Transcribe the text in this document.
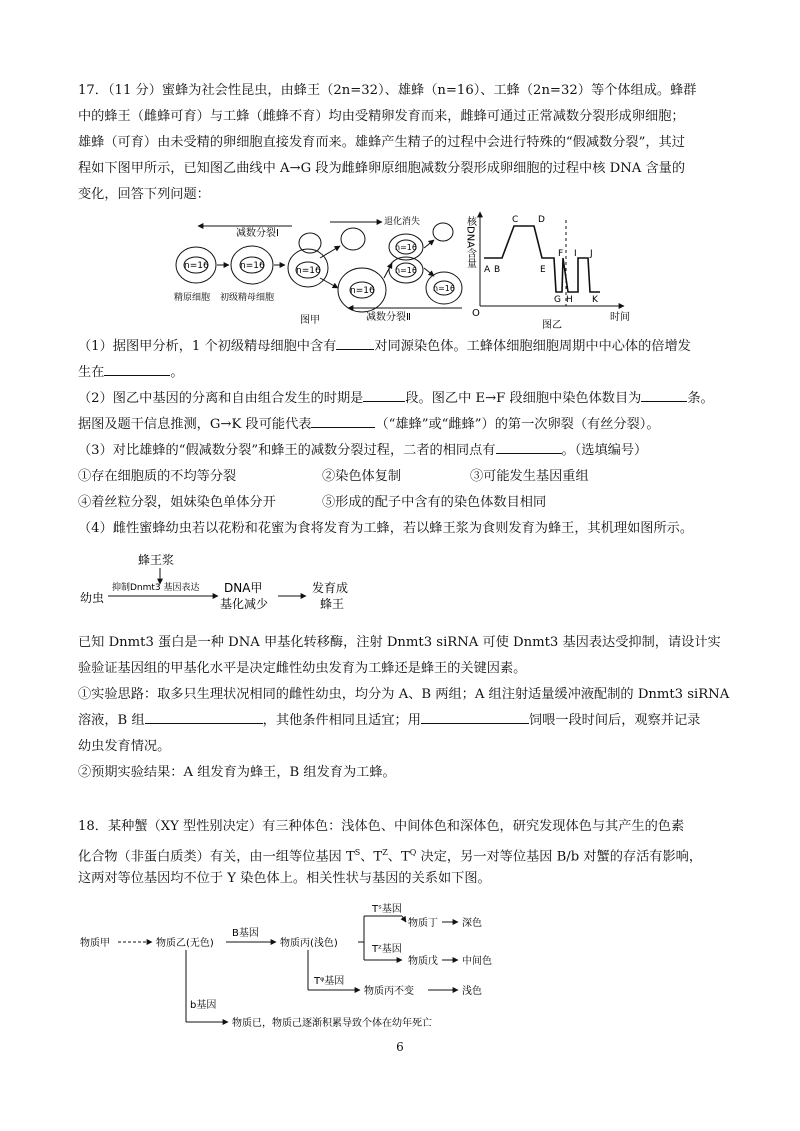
17．（11 分）蜜蜂为社会性昆虫，由蜂王（2n=32）、雄蜂（n=16）、工蜂（2n=32）等个体组成。蜂群
中的蜂王（雌蜂可育）与工蜂（雌蜂不育）均由受精卵发育而来，雌蜂可通过正常减数分裂形成卵细胞；
雄蜂（可育）由未受精的卵细胞直接发育而来。雄蜂产生精子的过程中会进行特殊的“假减数分裂”，其过
程如下图甲所示，已知图乙曲线中 A→G 段为雌蜂卵原细胞减数分裂形成卵细胞的过程中核 DNA 含量的
变化，回答下列问题：
减数分裂Ⅰ
退化消失
n=16	n=16	n=16
n=16
n=16
n=16
n=16
减数分裂Ⅱ
精原细胞 初级精母细胞
图甲
核DNA含量
O	时间
A B
C D
E
F
G H
I J
K
图乙
（1）据图甲分析，1 个初级精母细胞中含有	对同源染色体。工蜂体细胞细胞周期中中心体的倍增发
生在	。
（2）图乙中基因的分离和自由组合发生的时期是	段。图乙中 E→F 段细胞中染色体数目为	条。
据图及题干信息推测，G→K 段可能代表	（“雄蜂”或“雌蜂”）的第一次卵裂（有丝分裂）。
（3）对比雄蜂的“假减数分裂”和蜂王的减数分裂过程，二者的相同点有	。（选填编号）
①存在细胞质的不均等分裂	②染色体复制	③可能发生基因重组
④着丝粒分裂，姐妹染色单体分开	⑤形成的配子中含有的染色体数目相同
（4）雌性蜜蜂幼虫若以花粉和花蜜为食将发育为工蜂，若以蜂王浆为食则发育为蜂王，其机理如图所示。
蜂王浆
幼虫
抑制Dnmt3 基因表达 DNA甲
基化减少
发育成
蜂王
已知 Dnmt3 蛋白是一种 DNA 甲基化转移酶，注射 Dnmt3 siRNA 可使 Dnmt3 基因表达受抑制，请设计实
验验证基因组的甲基化水平是决定雌性幼虫发育为工蜂还是蜂王的关键因素。
①实验思路：取多只生理状况相同的雌性幼虫，均分为 A、B 两组；A 组注射适量缓冲液配制的 Dnmt3 siRNA
溶液，B 组	，其他条件相同且适宜；用	饲喂一段时间后，观察并记录
幼虫发育情况。
②预期实验结果：A 组发育为蜂王，B 组发育为工蜂。
18．某种蟹（XY 型性别决定）有三种体色：浅体色、中间体色和深体色，研究发现体色与其产生的色素
化合物（非蛋白质类）有关，由一组等位基因 $T^S$、$T^Z$、$T^Q$ 决定，另一对等位基因 B/b 对蟹的存活有影响，
这两对等位基因均不位于 Y 染色体上。相关性状与基因的关系如下图。
物质甲	物质乙(无色)
B基因
物质丙(浅色)
Tˢ基因
物质丁 深色
Tᶻ基因
物质戊 中间色
Tᵠ基因
物质丙不变	浅色
b基因
物质已，物质己逐渐积累导致个体在幼年死亡
6
